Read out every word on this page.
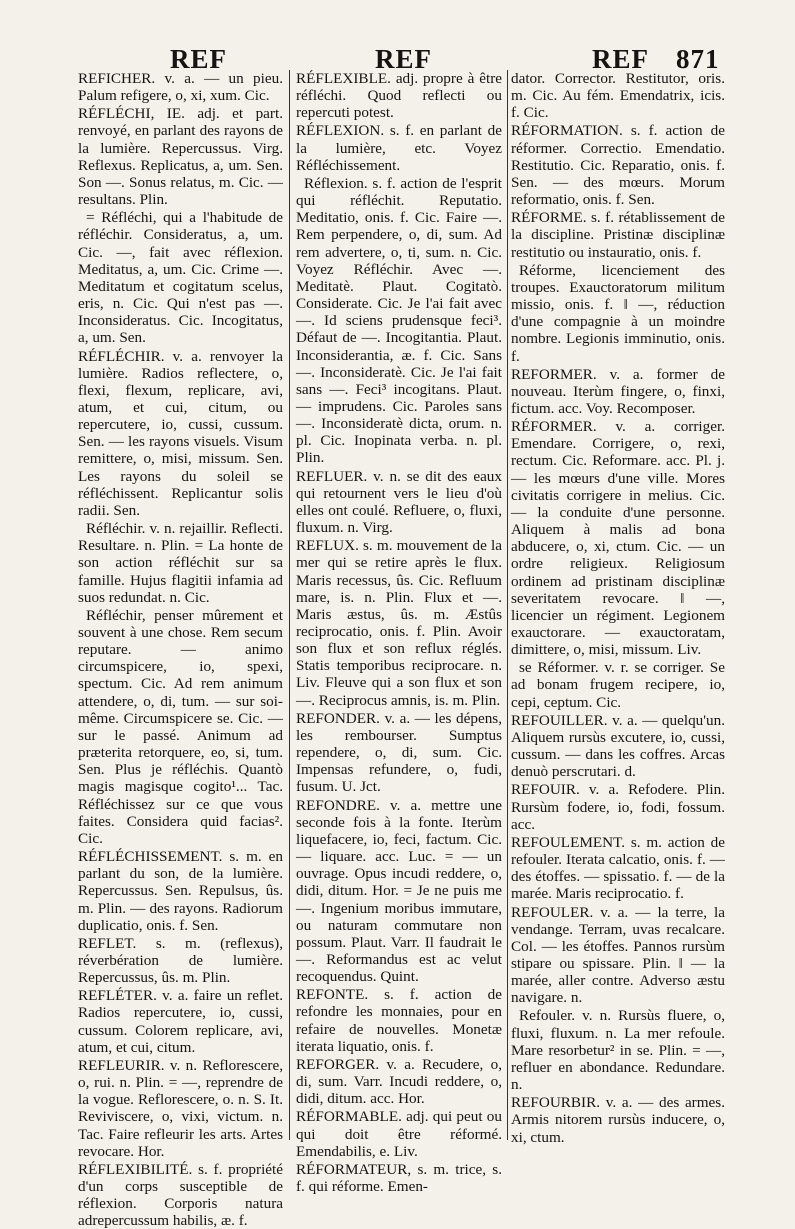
REF	REF	REF 871

REFICHER. v. a. — un pieu. Palum refigere, o, xi, xum. Cic.

RÉFLÉCHI, IE. adj. et part. renvoyé, en parlant des rayons de la lumière. Repercussus. Virg. Reflexus. Replicatus, a, um. Sen. Son —. Sonus relatus, m. Cic. — resultans. Plin.

= Réfléchi, qui a l'habitude de réfléchir. Consideratus, a, um. Cic. —, fait avec réflexion. Meditatus, a, um. Cic. Crime —. Meditatum et cogitatum scelus, eris, n. Cic. Qui n'est pas —. Inconsideratus. Cic. Incogitatus, a, um. Sen.

RÉFLÉCHIR. v. a. renvoyer la lumière. Radios reflectere, o, flexi, flexum, replicare, avi, atum, et cui, citum, ou repercutere, io, cussi, cussum. Sen. — les rayons visuels. Visum remittere, o, misi, missum. Sen. Les rayons du soleil se réfléchissent. Replicantur solis radii. Sen.

Réfléchir. v. n. rejaillir. Reflecti. Resultare. n. Plin. = La honte de son action réfléchit sur sa famille. Hujus flagitii infamia ad suos redundat. n. Cic.

Réfléchir, penser mûrement et souvent à une chose. Rem secum reputare. — animo circumspicere, io, spexi, spectum. Cic. Ad rem animum attendere, o, di, tum. — sur soi-même. Circumspicere se. Cic. — sur le passé. Animum ad præterita retorquere, eo, si, tum. Sen. Plus je réfléchis. Quantò magis magisque cogito¹... Tac. Réfléchissez sur ce que vous faites. Considera quid facias². Cic.

RÉFLÉCHISSEMENT. s. m. en parlant du son, de la lumière. Repercussus. Sen. Repulsus, ûs. m. Plin. — des rayons. Radiorum duplicatio, onis. f. Sen.

REFLET. s. m. (reflexus), réverbération de lumière. Repercussus, ûs. m. Plin.

REFLÉTER. v. a. faire un reflet. Radios repercutere, io, cussi, cussum. Colorem replicare, avi, atum, et cui, citum.

REFLEURIR. v. n. Reflorescere, o, rui. n. Plin. = —, reprendre de la vogue. Reflorescere, o. n. S. It. Reviviscere, o, vixi, victum. n. Tac. Faire refleurir les arts. Artes revocare. Hor.

RÉFLEXIBILITÉ. s. f. propriété d'un corps susceptible de réflexion. Corporis natura adrepercussum habilis, æ. f.

RÉFLEXIBLE. adj. propre à être réfléchi. Quod reflecti ou repercuti potest.

RÉFLEXION. s. f. en parlant de la lumière, etc. Voyez Réfléchissement.

Réflexion. s. f. action de l'esprit qui réfléchit. Reputatio. Meditatio, onis. f. Cic. Faire —. Rem perpendere, o, di, sum. Ad rem advertere, o, ti, sum. n. Cic. Voyez Réfléchir. Avec —. Meditatè. Plaut. Cogitatò. Considerate. Cic. Je l'ai fait avec —. Id sciens prudensque feci³. Défaut de —. Incogitantia. Plaut. Inconsiderantia, æ. f. Cic. Sans —. Inconsideratè. Cic. Je l'ai fait sans —. Feci³ incogitans. Plaut. — imprudens. Cic. Paroles sans —. Inconsideratè dicta, orum. n. pl. Cic. Inopinata verba. n. pl. Plin.

REFLUER. v. n. se dit des eaux qui retournent vers le lieu d'où elles ont coulé. Refluere, o, fluxi, fluxum. n. Virg.

REFLUX. s. m. mouvement de la mer qui se retire après le flux. Maris recessus, ûs. Cic. Refluum mare, is. n. Plin. Flux et —. Maris æstus, ûs. m. Æstûs reciprocatio, onis. f. Plin. Avoir son flux et son reflux réglés. Statis temporibus reciprocare. n. Liv. Fleuve qui a son flux et son —. Reciprocus amnis, is. m. Plin.

REFONDER. v. a. — les dépens, les rembourser. Sumptus rependere, o, di, sum. Cic. Impensas refundere, o, fudi, fusum. U. Jct.

REFONDRE. v. a. mettre une seconde fois à la fonte. Iterùm liquefacere, io, feci, factum. Cic. — liquare. acc. Luc. = — un ouvrage. Opus incudi reddere, o, didi, ditum. Hor. = Je ne puis me —. Ingenium moribus immutare, ou naturam commutare non possum. Plaut. Varr. Il faudrait le —. Reformandus est ac velut recoquendus. Quint.

REFONTE. s. f. action de refondre les monnaies, pour en refaire de nouvelles. Monetæ iterata liquatio, onis. f.

REFORGER. v. a. Recudere, o, di, sum. Varr. Incudi reddere, o, didi, ditum. acc. Hor.

RÉFORMABLE. adj. qui peut ou qui doit être réformé. Emendabilis, e. Liv.

RÉFORMATEUR, s. m. trice, s. f. qui réforme. Emen-

dator. Corrector. Restitutor, oris. m. Cic. Au fém. Emendatrix, icis. f. Cic.

RÉFORMATION. s. f. action de réformer. Correctio. Emendatio. Restitutio. Cic. Reparatio, onis. f. Sen. — des mœurs. Morum reformatio, onis. f. Sen.

RÉFORME. s. f. rétablissement de la discipline. Pristinæ disciplinæ restitutio ou instauratio, onis. f.

Réforme, licenciement des troupes. Exauctoratorum militum missio, onis. f. ‖ —, réduction d'une compagnie à un moindre nombre. Legionis imminutio, onis. f.

REFORMER. v. a. former de nouveau. Iterùm fingere, o, finxi, fictum. acc. Voy. Recomposer.

RÉFORMER. v. a. corriger. Emendare. Corrigere, o, rexi, rectum. Cic. Reformare. acc. Pl. j. — les mœurs d'une ville. Mores civitatis corrigere in melius. Cic. — la conduite d'une personne. Aliquem à malis ad bona abducere, o, xi, ctum. Cic. — un ordre religieux. Religiosum ordinem ad pristinam disciplinæ severitatem revocare. ‖ —, licencier un régiment. Legionem exauctorare. — exauctoratam, dimittere, o, misi, missum. Liv.

se Réformer. v. r. se corriger. Se ad bonam frugem recipere, io, cepi, ceptum. Cic.

REFOUILLER. v. a. — quelqu'un. Aliquem rursùs excutere, io, cussi, cussum. — dans les coffres. Arcas denuò perscrutari. d.

REFOUIR. v. a. Refodere. Plin. Rursùm fodere, io, fodi, fossum. acc.

REFOULEMENT. s. m. action de refouler. Iterata calcatio, onis. f. — des étoffes. — spissatio. f. — de la marée. Maris reciprocatio. f.

REFOULER. v. a. — la terre, la vendange. Terram, uvas recalcare. Col. — les étoffes. Pannos rursùm stipare ou spissare. Plin. ‖ — la marée, aller contre. Adverso æstu navigare. n.

Refouler. v. n. Rursùs fluere, o, fluxi, fluxum. n. La mer refoule. Mare resorbetur² in se. Plin. = —, refluer en abondance. Redundare. n.

REFOURBIR. v. a. — des armes. Armis nitorem rursùs inducere, o, xi, ctum.
